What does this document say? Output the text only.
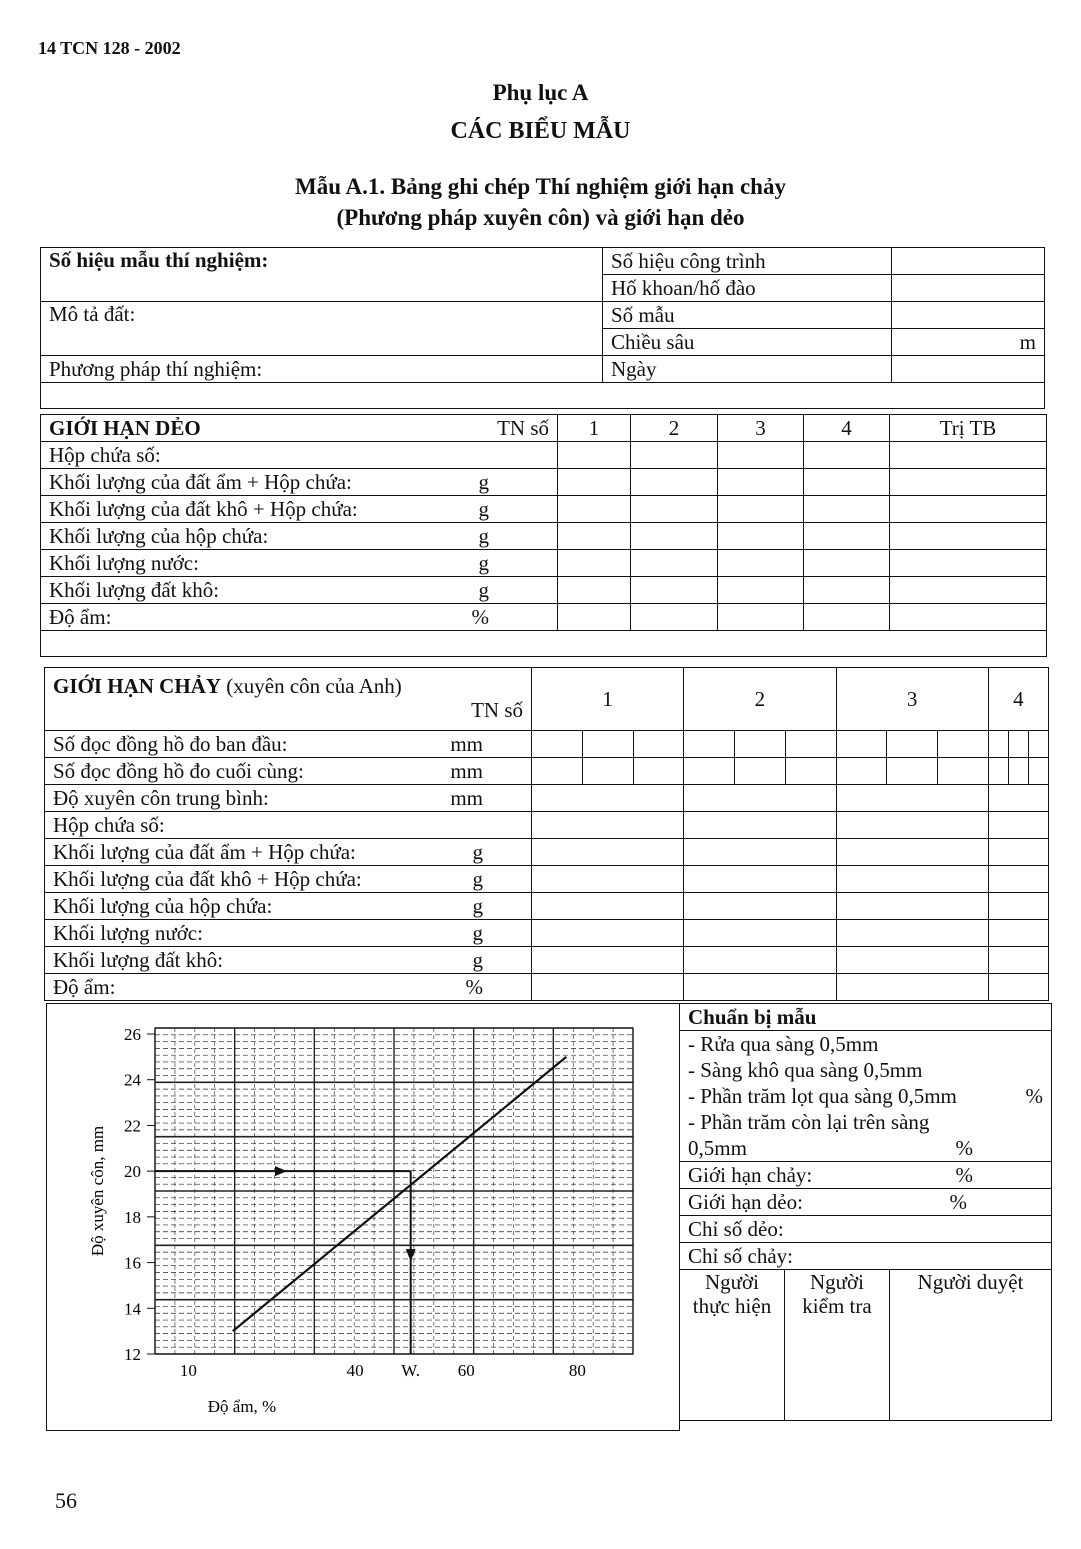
14 TCN 128 - 2002
Phụ lục A
CÁC BIỂU MẪU
Mẫu A.1. Bảng ghi chép Thí nghiệm giới hạn chảy
(Phương pháp xuyên côn) và giới hạn dẻo
Số hiệu mẫu thí nghiệm:	Số hiệu công trình	
	Hố khoan/hố đào	
Mô tả đất:	Số mẫu	
	Chiều sâu	m
Phương pháp thí nghiệm:	Ngày	

GIỚI HẠN DẺO TN số	1	2	3	4	Trị TB

Hộp chứa số:					

Khối lượng của đất ẩm + Hộp chứa: g					

Khối lượng của đất khô + Hộp chứa: g					

Khối lượng của hộp chứa: g					

Khối lượng nước: g					

Khối lượng đất khô: g					

Độ ẩm: %					

GIỚI HẠN CHẢY (xuyên côn của Anh)
TN số	1			2			3			4		

Số đọc đồng hồ đo ban đầu: mm												

Số đọc đồng hồ đo cuối cùng: mm												

Độ xuyên côn trung bình: mm												

Hộp chứa số:												

Khối lượng của đất ẩm + Hộp chứa: g												

Khối lượng của đất khô + Hộp chứa: g												

Khối lượng của hộp chứa: g												

Khối lượng nước: g												

Khối lượng đất khô: g												

Độ ẩm: %												

26
24
22
20
18
16
14
12
10	40 W. 60	80
Độ xuyên côn, mm
Độ ẩm, %
Chuẩn bị mẫu
- Rửa qua sàng 0,5mm
- Sàng khô qua sàng 0,5mm

- Phần trăm lọt qua sàng 0,5mm	%

- Phần trăm còn lại trên sàng

0,5mm	%

Giới hạn chảy:	%

Giới hạn dẻo:	%

Chỉ số dẻo:
Chỉ số chảy:
Người thực hiện	Người kiểm tra	Người duyệt
56
